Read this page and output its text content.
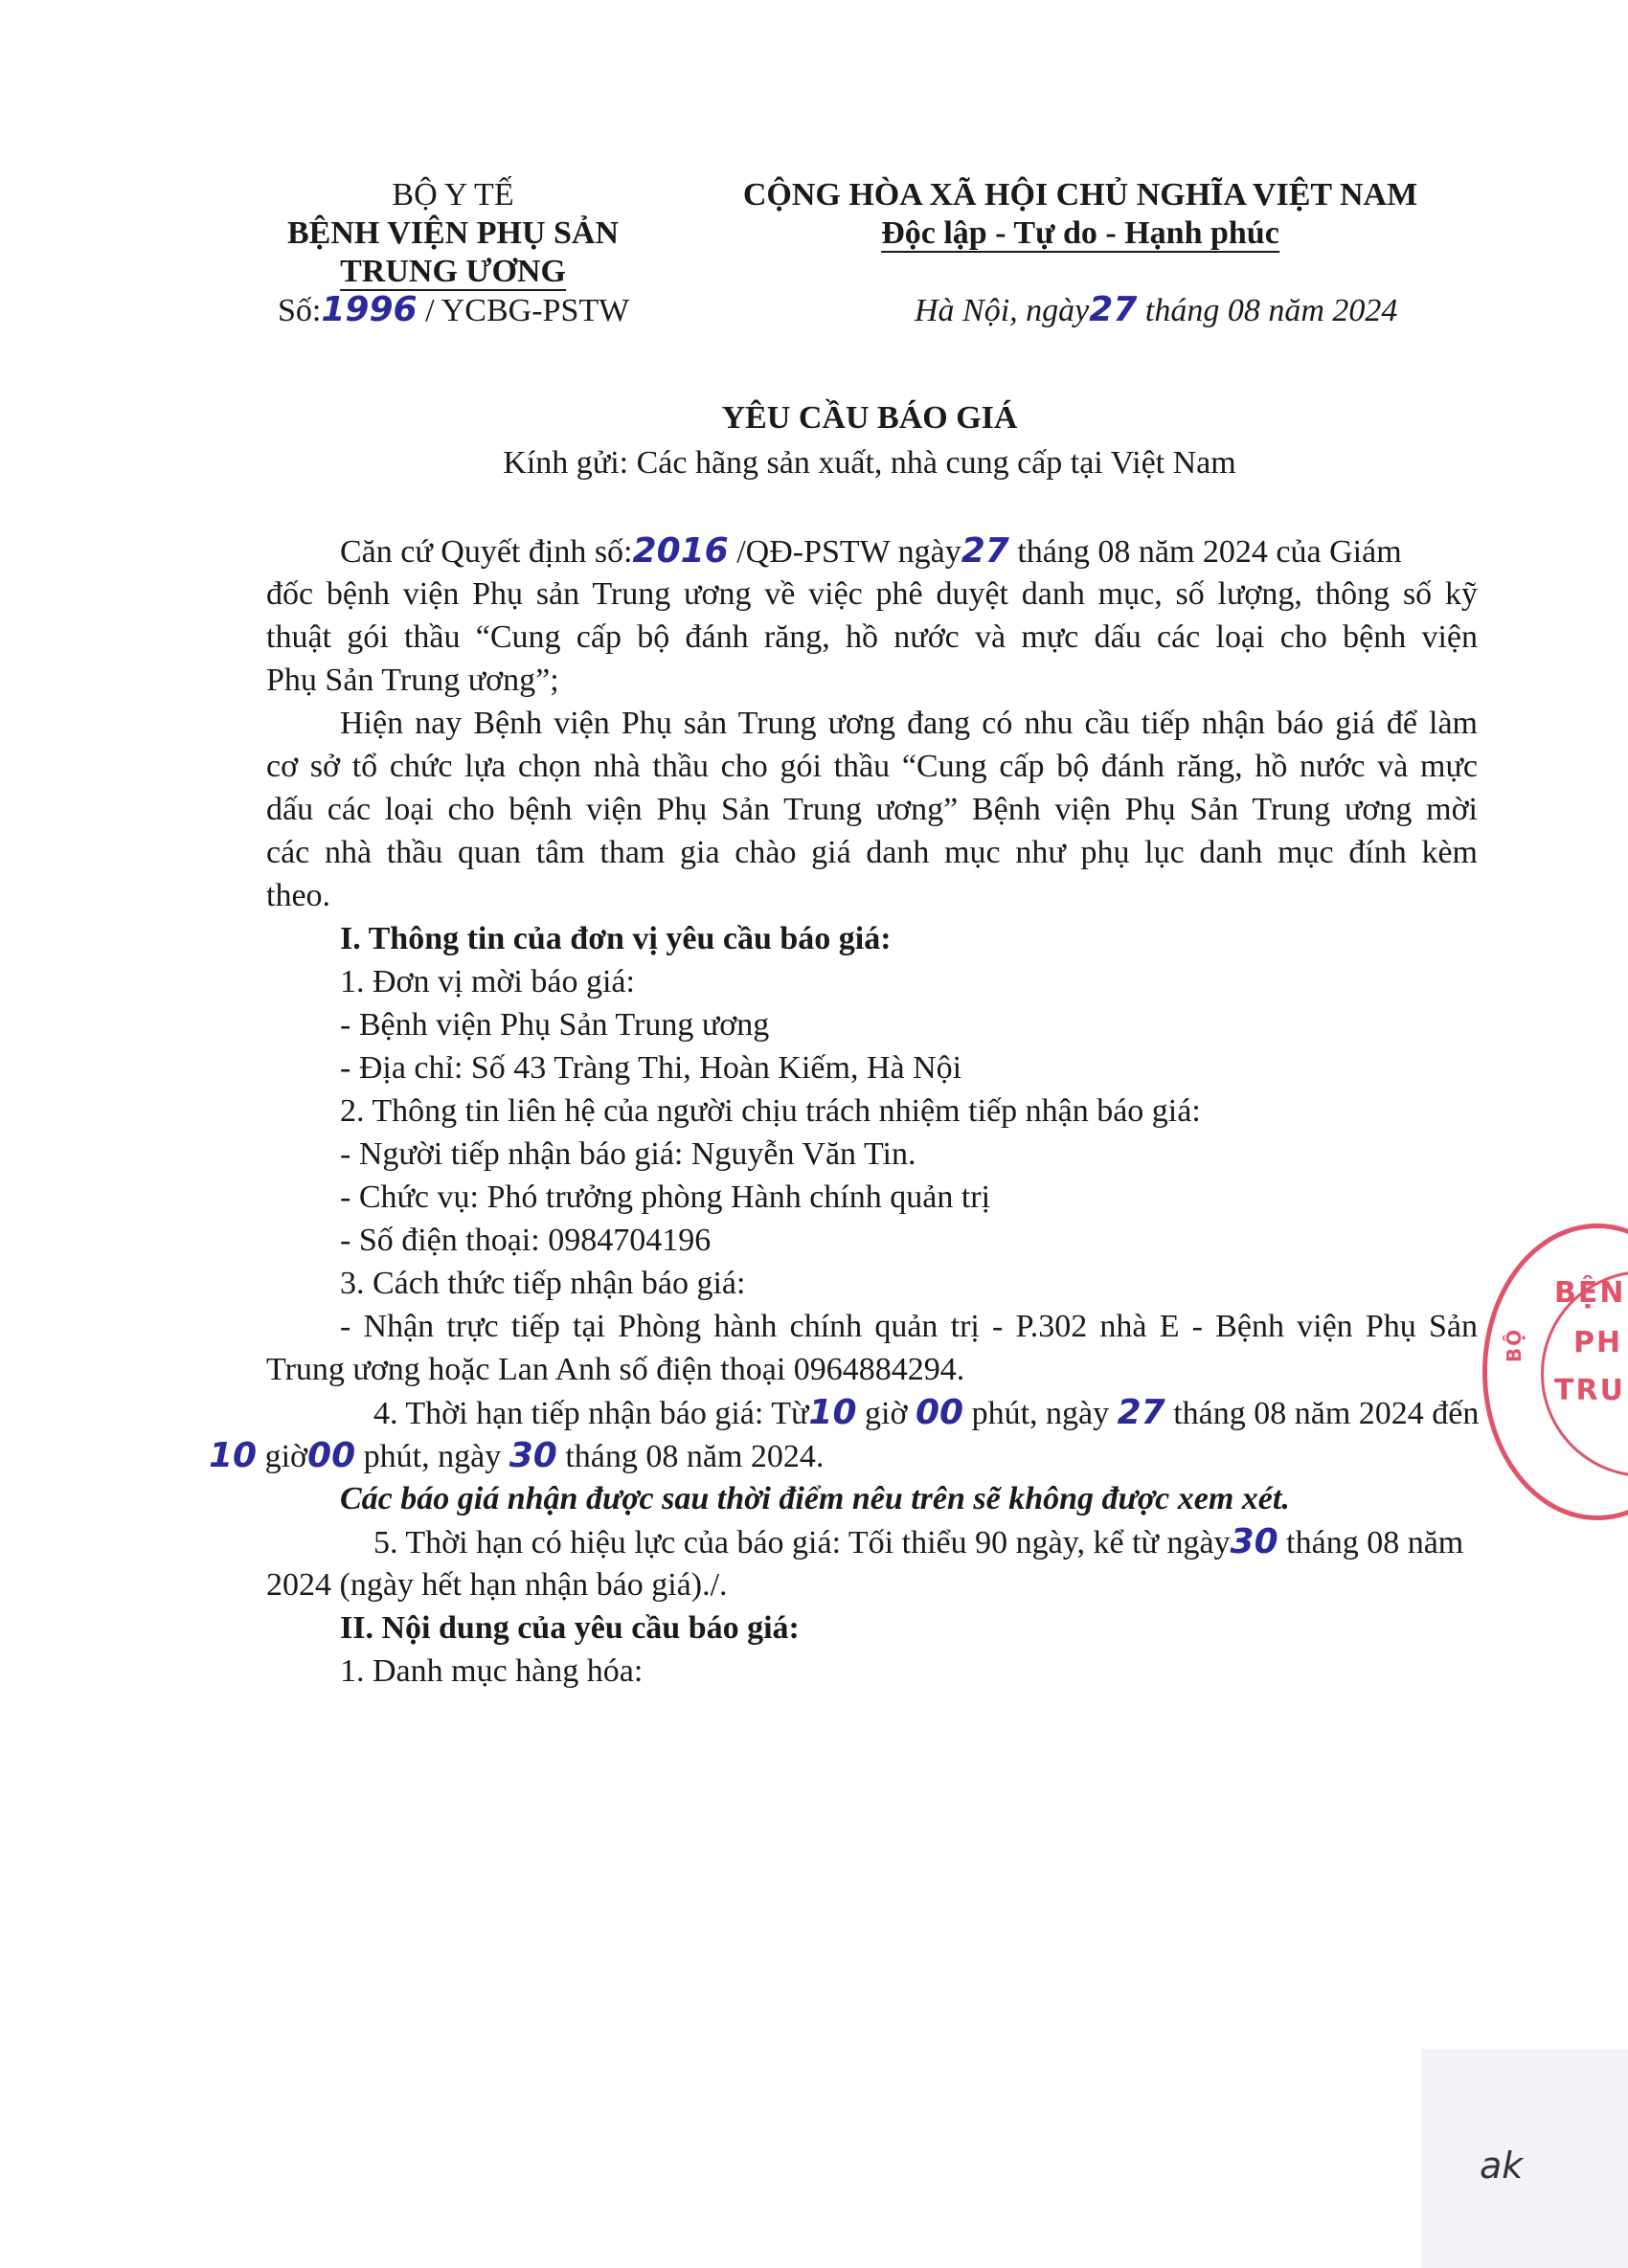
BỘ Y TẾ
BỆNH VIỆN PHỤ SẢN
TRUNG ƯƠNG
Số:1996 / YCBG-PSTW
CỘNG HÒA XÃ HỘI CHỦ NGHĨA VIỆT NAM
Độc lập - Tự do - Hạnh phúc
Hà Nội, ngày27 tháng 08 năm 2024
YÊU CẦU BÁO GIÁ
Kính gửi: Các hãng sản xuất, nhà cung cấp tại Việt Nam
Căn cứ Quyết định số:2016 /QĐ-PSTW ngày27 tháng 08 năm 2024 của Giám
đốc bệnh viện Phụ sản Trung ương về việc phê duyệt danh mục, số lượng, thông số kỹ
thuật gói thầu “Cung cấp bộ đánh răng, hồ nước và mực dấu các loại cho bệnh viện
Phụ Sản Trung ương”;
Hiện nay Bệnh viện Phụ sản Trung ương đang có nhu cầu tiếp nhận báo giá để làm
cơ sở tổ chức lựa chọn nhà thầu cho gói thầu “Cung cấp bộ đánh răng, hồ nước và mực
dấu các loại cho bệnh viện Phụ Sản Trung ương” Bệnh viện Phụ Sản Trung ương mời
các nhà thầu quan tâm tham gia chào giá danh mục như phụ lục danh mục đính kèm
theo.
I. Thông tin của đơn vị yêu cầu báo giá:
1. Đơn vị mời báo giá:
- Bệnh viện Phụ Sản Trung ương
- Địa chỉ: Số 43 Tràng Thi, Hoàn Kiếm, Hà Nội
2. Thông tin liên hệ của người chịu trách nhiệm tiếp nhận báo giá:
- Người tiếp nhận báo giá: Nguyễn Văn Tin.
- Chức vụ: Phó trưởng phòng Hành chính quản trị
- Số điện thoại: 0984704196
3. Cách thức tiếp nhận báo giá:
- Nhận trực tiếp tại Phòng hành chính quản trị - P.302 nhà E - Bệnh viện Phụ Sản
Trung ương hoặc Lan Anh số điện thoại 0964884294.
4. Thời hạn tiếp nhận báo giá: Từ10 giờ 00 phút, ngày 27 tháng 08 năm 2024 đến
10 giờ00 phút, ngày 30 tháng 08 năm 2024.
Các báo giá nhận được sau thời điểm nêu trên sẽ không được xem xét.
5. Thời hạn có hiệu lực của báo giá: Tối thiểu 90 ngày, kể từ ngày30 tháng 08 năm
2024 (ngày hết hạn nhận báo giá)./.
II. Nội dung của yêu cầu báo giá:
1. Danh mục hàng hóa:
BỆN
PH
TRU
BỘ
ak
